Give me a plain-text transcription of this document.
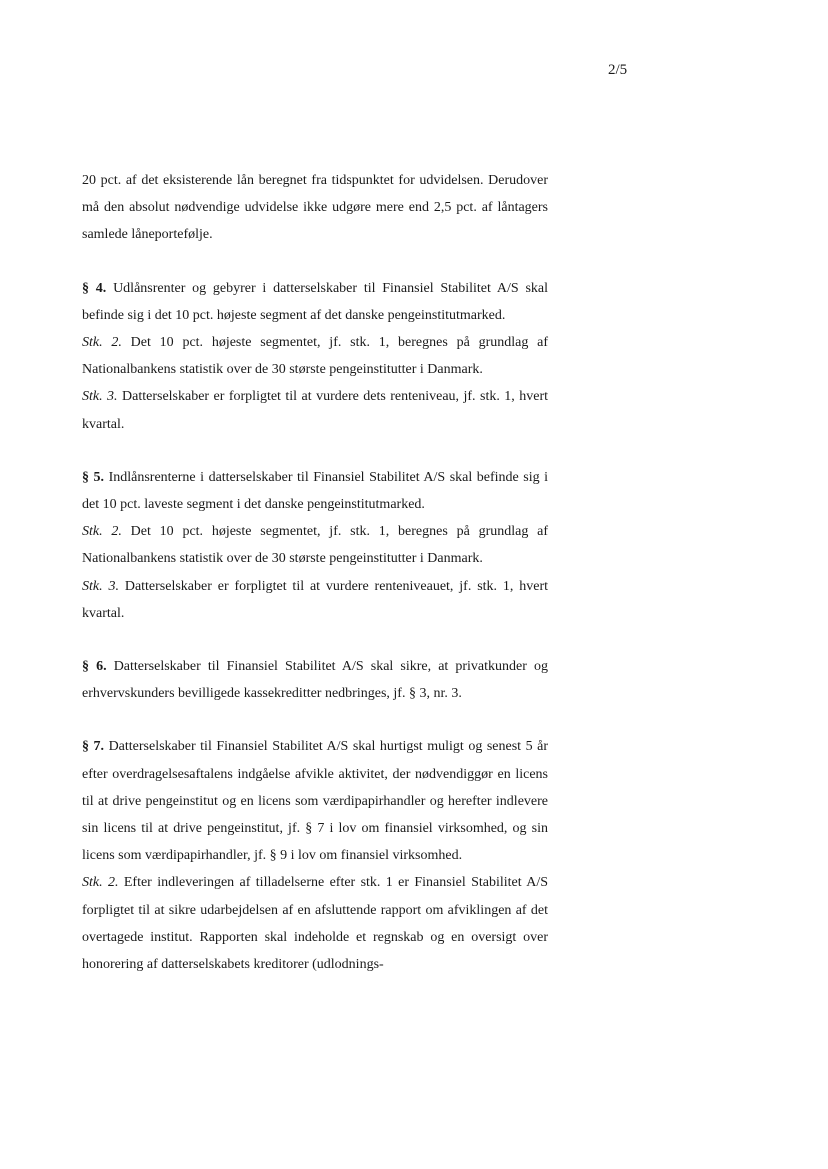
2/5

20 pct. af det eksisterende lån beregnet fra tidspunktet for udvidelsen. Derudover må den absolut nødvendige udvidelse ikke udgøre mere end 2,5 pct. af låntagers samlede låneportefølje.

§ 4. Udlånsrenter og gebyrer i datterselskaber til Finansiel Stabilitet A/S skal befinde sig i det 10 pct. højeste segment af det danske pengeinstitutmarked.

Stk. 2. Det 10 pct. højeste segmentet, jf. stk. 1, beregnes på grundlag af Nationalbankens statistik over de 30 største pengeinstitutter i Danmark.

Stk. 3. Datterselskaber er forpligtet til at vurdere dets renteniveau, jf. stk. 1, hvert kvartal.

§ 5. Indlånsrenterne i datterselskaber til Finansiel Stabilitet A/S skal befinde sig i det 10 pct. laveste segment i det danske pengeinstitutmarked.

Stk. 2. Det 10 pct. højeste segmentet, jf. stk. 1, beregnes på grundlag af Nationalbankens statistik over de 30 største pengeinstitutter i Danmark.

Stk. 3. Datterselskaber er forpligtet til at vurdere renteniveauet, jf. stk. 1, hvert kvartal.

§ 6. Datterselskaber til Finansiel Stabilitet A/S skal sikre, at privatkunder og erhvervskunders bevilligede kassekreditter nedbringes, jf. § 3, nr. 3.

§ 7. Datterselskaber til Finansiel Stabilitet A/S skal hurtigst muligt og senest 5 år efter overdragelsesaftalens indgåelse afvikle aktivitet, der nødvendiggør en licens til at drive pengeinstitut og en licens som værdipapirhandler og herefter indlevere sin licens til at drive pengeinstitut, jf. § 7 i lov om finansiel virksomhed, og sin licens som værdipapirhandler, jf. § 9 i lov om finansiel virksomhed.

Stk. 2. Efter indleveringen af tilladelserne efter stk. 1 er Finansiel Stabilitet A/S forpligtet til at sikre udarbejdelsen af en afsluttende rapport om afviklingen af det overtagede institut. Rapporten skal indeholde et regnskab og en oversigt over honorering af datterselskabets kreditorer (udlodnings-
